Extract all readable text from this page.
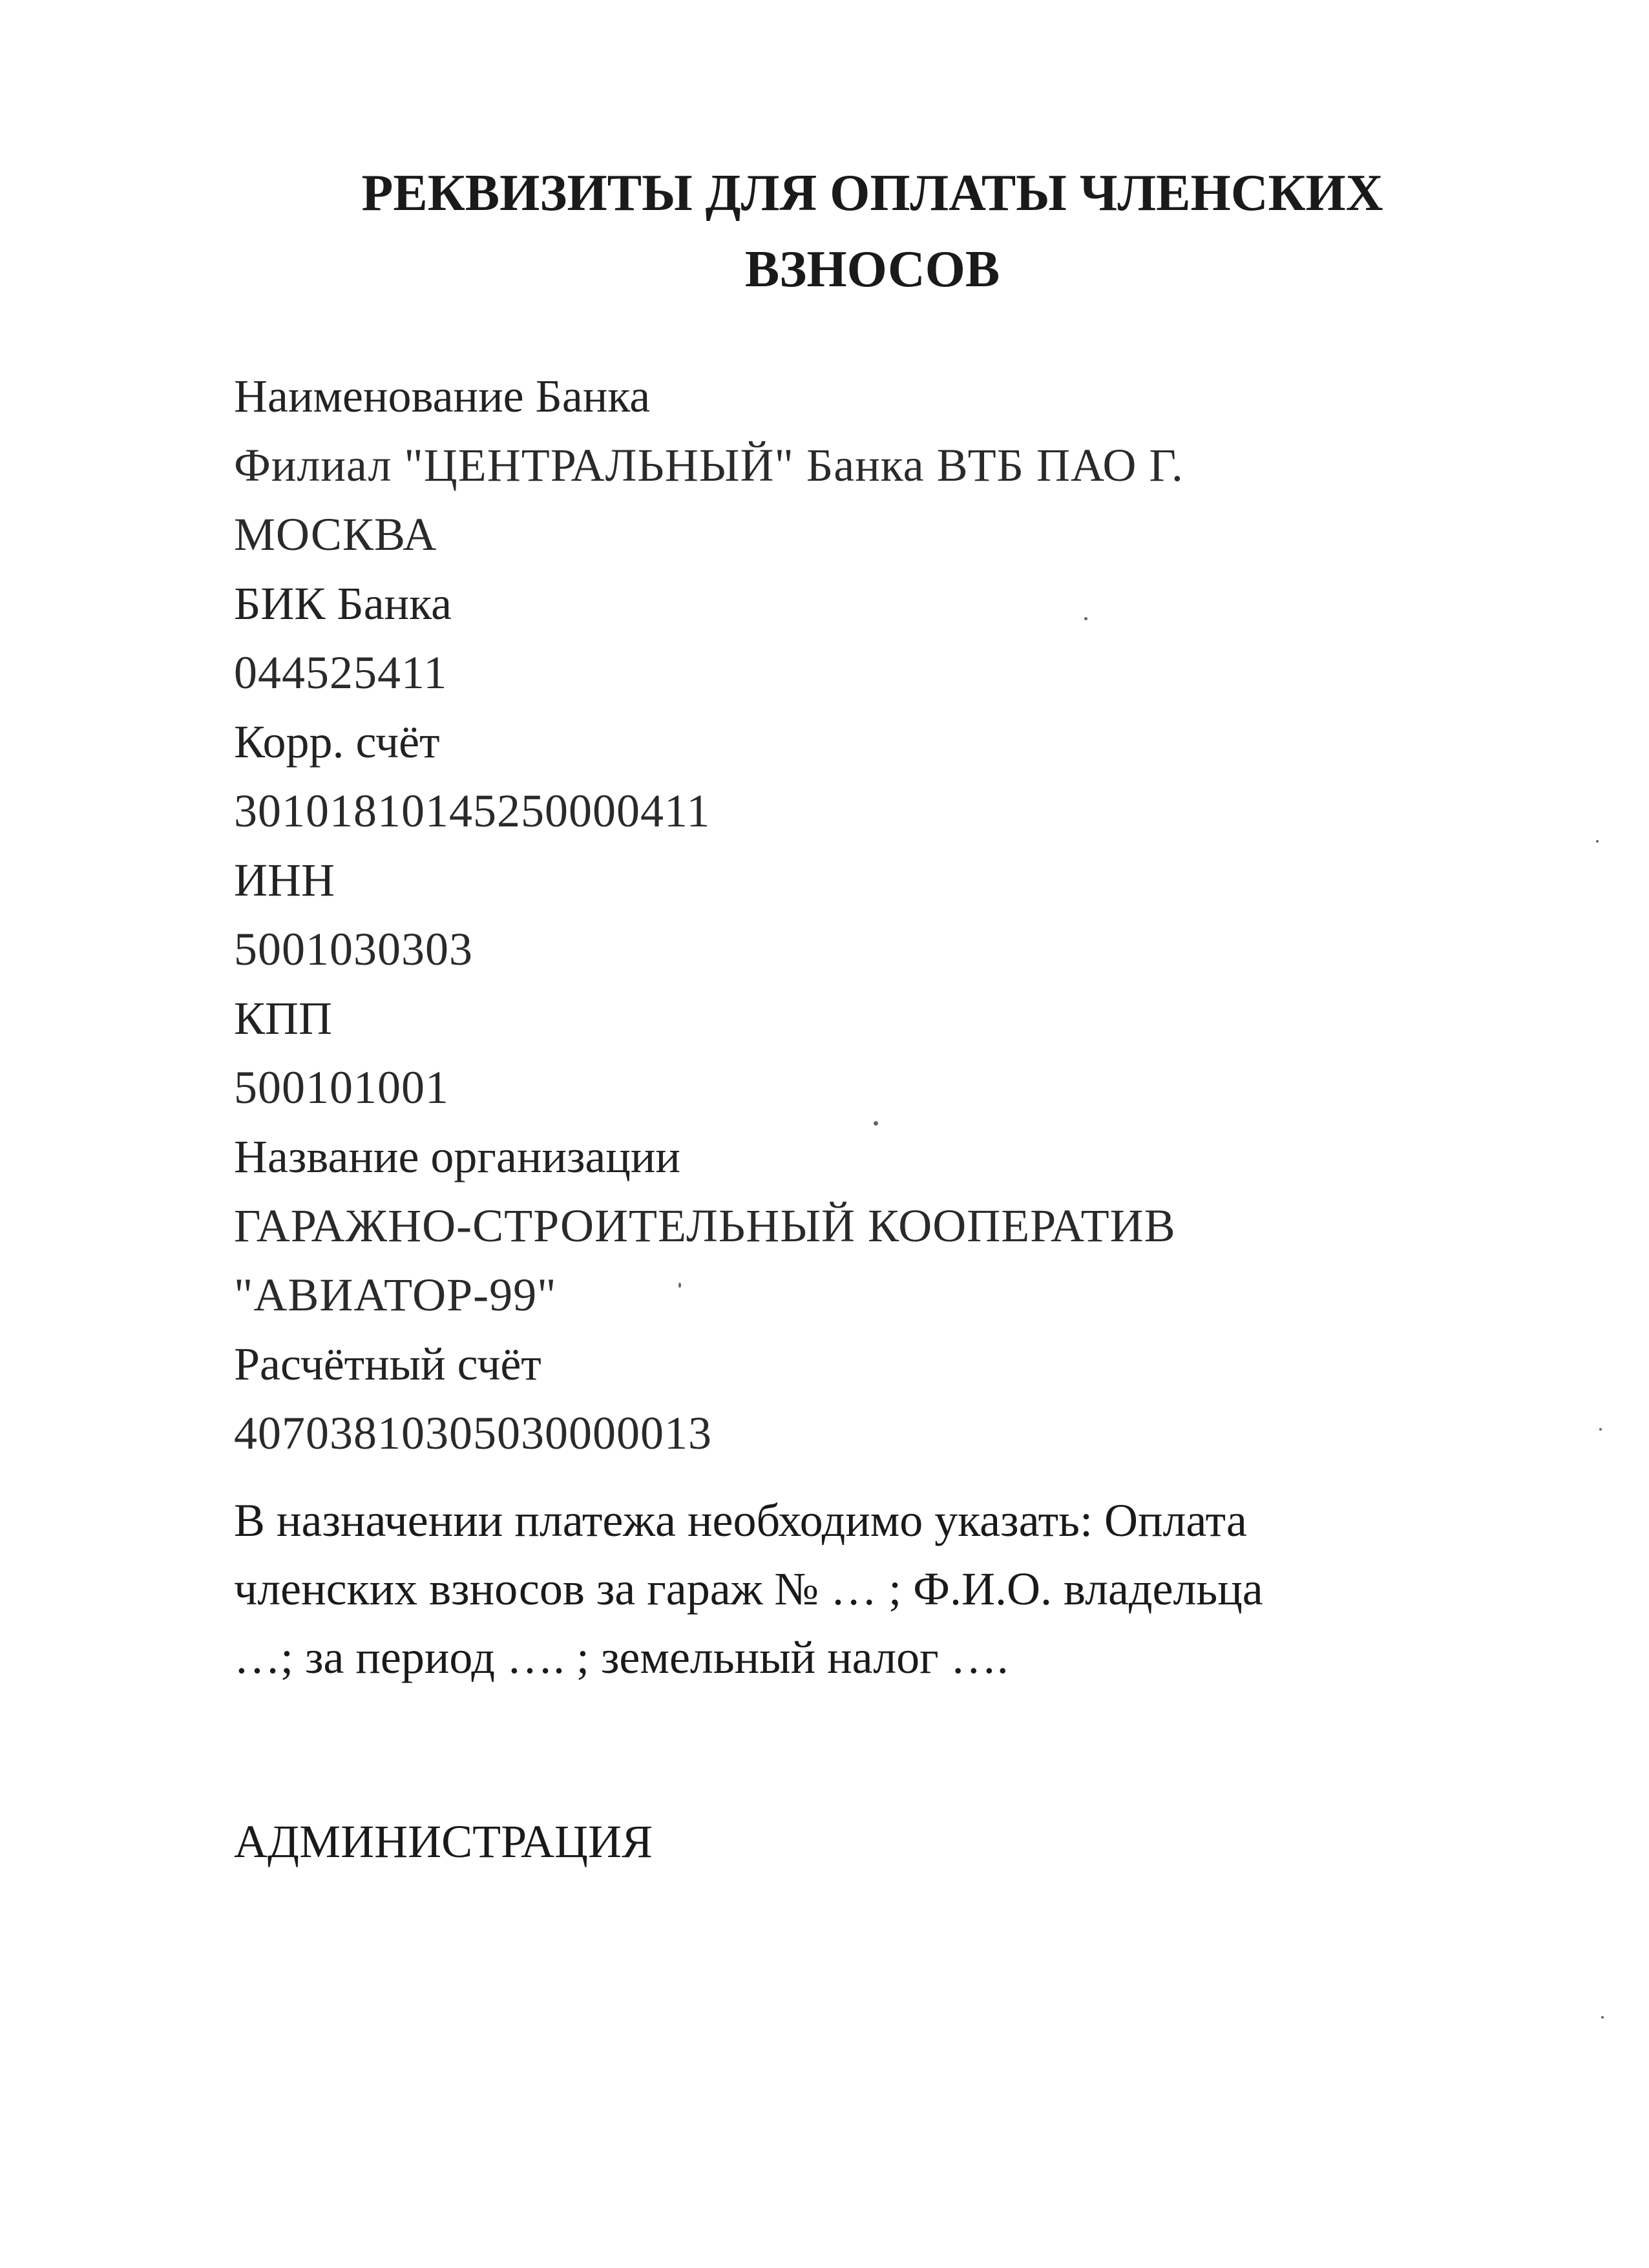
РЕКВИЗИТЫ ДЛЯ ОПЛАТЫ ЧЛЕНСКИХ
ВЗНОСОВ
Наименование Банка
Филиал "ЦЕНТРАЛЬНЫЙ" Банка ВТБ ПАО Г.
МОСКВА
БИК Банка
044525411
Корр. счёт
30101810145250000411
ИНН
5001030303
КПП
500101001
Название организации
ГАРАЖНО-СТРОИТЕЛЬНЫЙ КООПЕРАТИВ
"АВИАТОР-99"
Расчётный счёт
40703810305030000013
В назначении платежа необходимо указать: Оплата
членских взносов за гараж № … ; Ф.И.О. владельца
…; за период …. ; земельный налог ….
АДМИНИСТРАЦИЯ
